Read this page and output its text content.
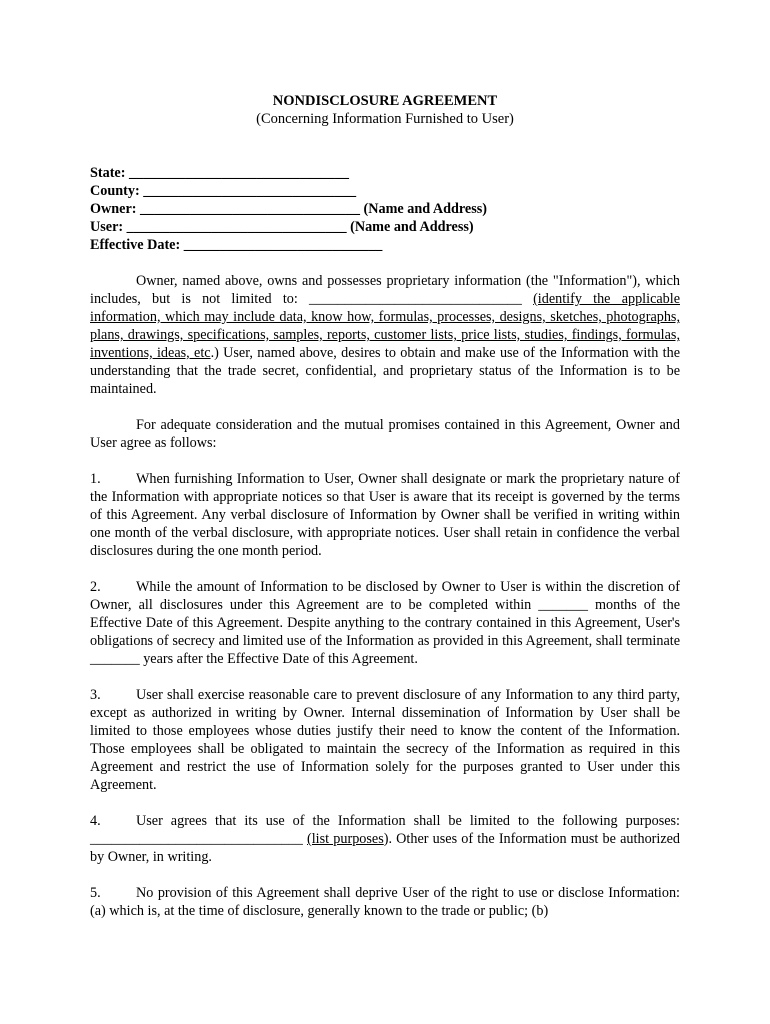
NONDISCLOSURE AGREEMENT
(Concerning Information Furnished to User)
State: _______________________________
County: ______________________________
Owner: _______________________________ (Name and Address)
User: _______________________________ (Name and Address)
Effective Date: ____________________________
Owner, named above, owns and possesses proprietary information (the "Information"), which includes, but is not limited to: ______________________________ (identify the applicable information, which may include data, know how, formulas, processes, designs, sketches, photographs, plans, drawings, specifications, samples, reports, customer lists, price lists, studies, findings, formulas, inventions, ideas, etc.) User, named above, desires to obtain and make use of the Information with the understanding that the trade secret, confidential, and proprietary status of the Information is to be maintained.
For adequate consideration and the mutual promises contained in this Agreement, Owner and User agree as follows:
1. When furnishing Information to User, Owner shall designate or mark the proprietary nature of the Information with appropriate notices so that User is aware that its receipt is governed by the terms of this Agreement. Any verbal disclosure of Information by Owner shall be verified in writing within one month of the verbal disclosure, with appropriate notices. User shall retain in confidence the verbal disclosures during the one month period.
2. While the amount of Information to be disclosed by Owner to User is within the discretion of Owner, all disclosures under this Agreement are to be completed within _______ months of the Effective Date of this Agreement. Despite anything to the contrary contained in this Agreement, User's obligations of secrecy and limited use of the Information as provided in this Agreement, shall terminate _______ years after the Effective Date of this Agreement.
3. User shall exercise reasonable care to prevent disclosure of any Information to any third party, except as authorized in writing by Owner. Internal dissemination of Information by User shall be limited to those employees whose duties justify their need to know the content of the Information. Those employees shall be obligated to maintain the secrecy of the Information as required in this Agreement and restrict the use of Information solely for the purposes granted to User under this Agreement.
4. User agrees that its use of the Information shall be limited to the following purposes: ______________________________ (list purposes). Other uses of the Information must be authorized by Owner, in writing.
5. No provision of this Agreement shall deprive User of the right to use or disclose Information: (a) which is, at the time of disclosure, generally known to the trade or public; (b)
